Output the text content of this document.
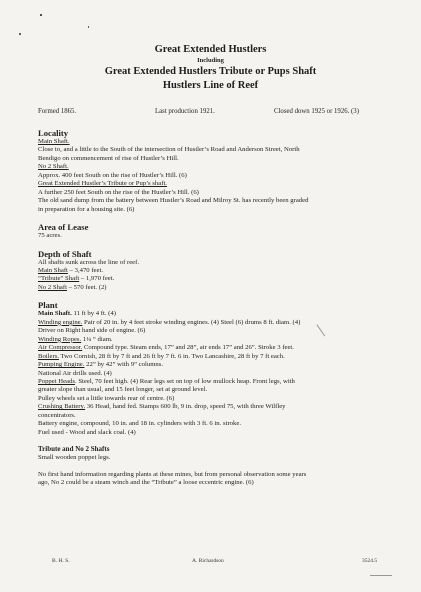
Great Extended Hustlers
Including
Great Extended Hustlers Tribute or Pups Shaft
Hustlers Line of Reef
Formed 1865.	Last production 1921.	Closed down 1925 or 1926. (3)

Locality

Main Shaft.

Close to, and a little to the South of the intersection of Hustler’s Road and Anderson Street, North

Bendigo on commencement of rise of Hustler’s Hill.

No 2 Shaft.

Approx. 400 feet South on the rise of Hustler’s Hill. (6)

Great Extended Hustler’s Tribute or Pup’s shaft.

A further 250 feet South on the rise of the Hustler’s Hill. (6)

The old sand dump from the battery between Hustler’s Road and Milroy St. has recently been graded

in preparation for a housing site. (6)

Area of Lease

75 acres.

Depth of Shaft

All shafts sunk across the line of reef.

Main Shaft – 3,470 feet.

“Tribute” Shaft – 1,970 feet.

No 2 Shaft – 570 feet. (2)

Plant

Main Shaft. 11 ft by 4 ft. (4)

Winding engine. Pair of 20 in. by 4 feet stroke winding engines. (4) Steel (6) drums 8 ft. diam. (4)

Driver on Right hand side of engine. (6)

Winding Ropes. 1¼ “ diam.

Air Compressor. Compound type. Steam ends, 17” and 28”, air ends 17” and 26”. Stroke 3 feet.

Boilers. Two Cornish, 28 ft by 7 ft and 26 ft by 7 ft. 6 in. Two Lancashire, 28 ft by 7 ft each.

Pumping Engine. 22” by 42” with 9” columns.

National Air drills used. (4)

Poppet Heads. Steel, 70 feet high. (4) Rear legs set on top of low mullock heap. Front legs, with

greater slope than usual, and 15 feet longer, set at ground level.

Pulley wheels set a little towards rear of centre. (6)

Crushing Battery. 36 Head, hand fed. Stamps 600 lb, 9 in. drop, speed 75, with three Wilfley

concentrators.

Battery engine, compound, 10 in. and 18 in. cylinders with 3 ft. 6 in. stroke.

Fuel used - Wood and slack coal. (4)

Tribute and No 2 Shafts

Small wooden poppet legs.

No first hand information regarding plants at these mines, but from personal observation some years

ago, No 2 could be a steam winch and the “Tribute” a loose eccentric engine. (6)

B. H. S.	A. Richardson	3524.5
